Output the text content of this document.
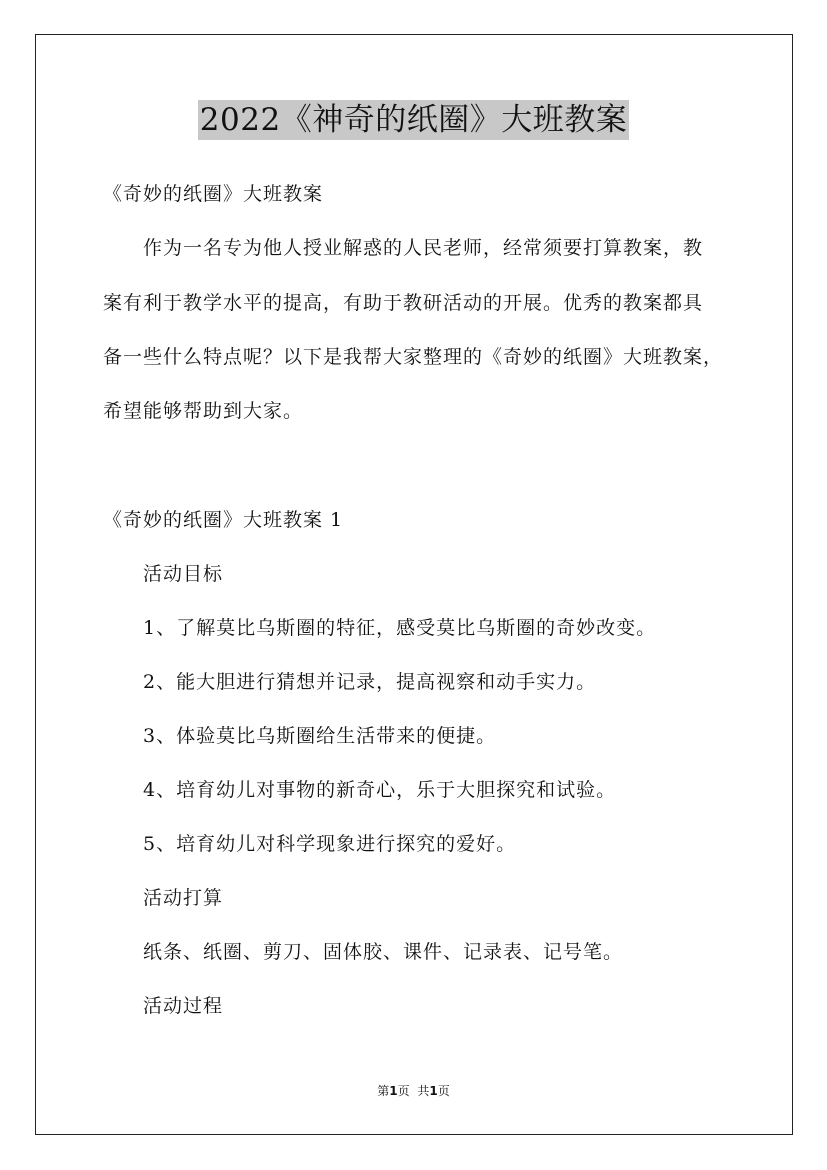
2022《神奇的纸圈》大班教案
《奇妙的纸圈》大班教案
作为一名专为他人授业解惑的人民老师，经常须要打算教案，教
案有利于教学水平的提高，有助于教研活动的开展。优秀的教案都具
备一些什么特点呢？以下是我帮大家整理的《奇妙的纸圈》大班教案，
希望能够帮助到大家。
《奇妙的纸圈》大班教案 1
活动目标
1、了解莫比乌斯圈的特征，感受莫比乌斯圈的奇妙改变。
2、能大胆进行猜想并记录，提高视察和动手实力。
3、体验莫比乌斯圈给生活带来的便捷。
4、培育幼儿对事物的新奇心，乐于大胆探究和试验。
5、培育幼儿对科学现象进行探究的爱好。
活动打算
纸条、纸圈、剪刀、固体胶、课件、记录表、记号笔。
活动过程
第1页 共1页
